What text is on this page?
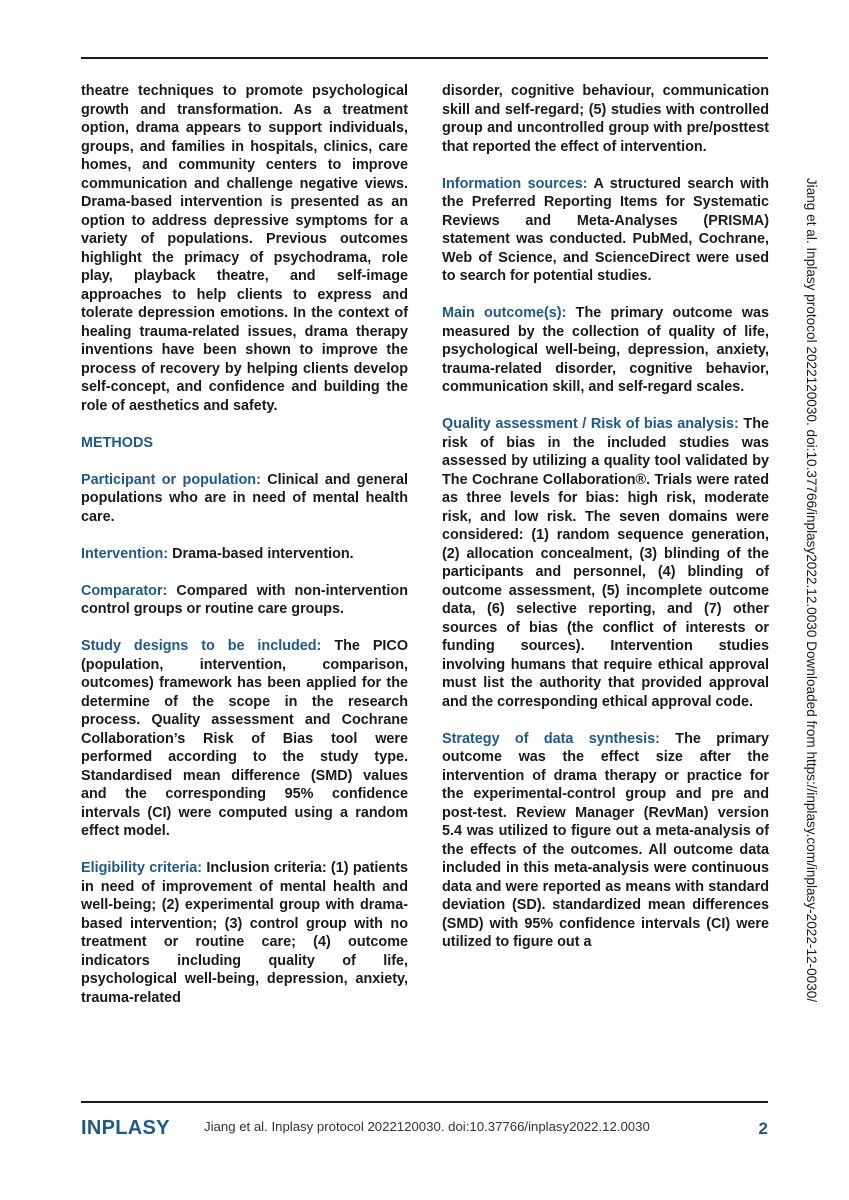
theatre techniques to promote psychological growth and transformation. As a treatment option, drama appears to support individuals, groups, and families in hospitals, clinics, care homes, and community centers to improve communication and challenge negative views. Drama-based intervention is presented as an option to address depressive symptoms for a variety of populations. Previous outcomes highlight the primacy of psychodrama, role play, playback theatre, and self-image approaches to help clients to express and tolerate depression emotions. In the context of healing trauma-related issues, drama therapy inventions have been shown to improve the process of recovery by helping clients develop self-concept, and confidence and building the role of aesthetics and safety.

METHODS

Participant or population: Clinical and general populations who are in need of mental health care.

Intervention: Drama-based intervention.

Comparator: Compared with non-intervention control groups or routine care groups.

Study designs to be included: The PICO (population, intervention, comparison, outcomes) framework has been applied for the determine of the scope in the research process. Quality assessment and Cochrane Collaboration’s Risk of Bias tool were performed according to the study type. Standardised mean difference (SMD) values and the corresponding 95% confidence intervals (CI) were computed using a random effect model.

Eligibility criteria: Inclusion criteria: (1) patients in need of improvement of mental health and well-being; (2) experimental group with drama-based intervention; (3) control group with no treatment or routine care; (4) outcome indicators including quality of life, psychological well-being, depression, anxiety, trauma-related

disorder, cognitive behaviour, communication skill and self-regard; (5) studies with controlled group and uncontrolled group with pre/posttest that reported the effect of intervention.

Information sources: A structured search with the Preferred Reporting Items for Systematic Reviews and Meta-Analyses (PRISMA) statement was conducted. PubMed, Cochrane, Web of Science, and ScienceDirect were used to search for potential studies.

Main outcome(s): The primary outcome was measured by the collection of quality of life, psychological well-being, depression, anxiety, trauma-related disorder, cognitive behavior, communication skill, and self-regard scales.

Quality assessment / Risk of bias analysis: The risk of bias in the included studies was assessed by utilizing a quality tool validated by The Cochrane Collaboration®. Trials were rated as three levels for bias: high risk, moderate risk, and low risk. The seven domains were considered: (1) random sequence generation, (2) allocation concealment, (3) blinding of the participants and personnel, (4) blinding of outcome assessment, (5) incomplete outcome data, (6) selective reporting, and (7) other sources of bias (the conflict of interests or funding sources). Intervention studies involving humans that require ethical approval must list the authority that provided approval and the corresponding ethical approval code.

Strategy of data synthesis: The primary outcome was the effect size after the intervention of drama therapy or practice for the experimental-control group and pre and post-test. Review Manager (RevMan) version 5.4 was utilized to figure out a meta-analysis of the effects of the outcomes. All outcome data included in this meta-analysis were continuous data and were reported as means with standard deviation (SD). standardized mean differences (SMD) with 95% confidence intervals (CI) were utilized to figure out a	Jiang et al. Inplasy protocol 2022120030. doi:10.37766/inplasy2022.12.0030 Downloaded from https://inplasy.com/inplasy-2022-12-0030/
INPLASY	Jiang et al. Inplasy protocol 2022120030. doi:10.37766/inplasy2022.12.0030	2
